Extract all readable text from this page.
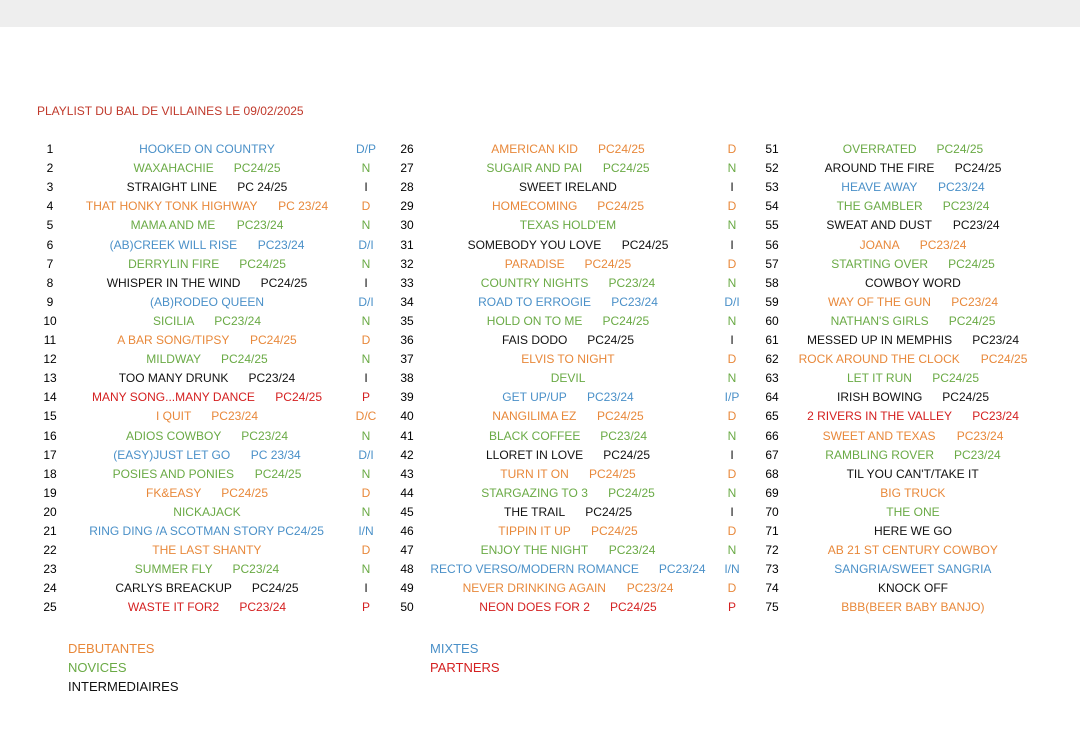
PLAYLIST DU BAL DE VILLAINES LE 09/02/2025
1	HOOKED ON COUNTRY	D/P
2	WAXAHACHIE PC24/25	N
3	STRAIGHT LINE PC 24/25	I
4	THAT HONKY TONK HIGHWAY PC 23/24	D
5	MAMA AND ME PC23/24	N
6	(AB)CREEK WILL RISE PC23/24	D/I
7	DERRYLIN FIRE PC24/25	N
8	WHISPER IN THE WIND PC24/25	I
9	(AB)RODEO QUEEN	D/I
10	SICILIA PC23/24	N
11	A BAR SONG/TIPSY PC24/25	D
12	MILDWAY PC24/25	N
13	TOO MANY DRUNK PC23/24	I
14	MANY SONG...MANY DANCE PC24/25	P
15	I QUIT PC23/24	D/C
16	ADIOS COWBOY PC23/24	N
17	(EASY)JUST LET GO PC 23/34	D/I
18	POSIES AND PONIES PC24/25	N
19	FK&EASY PC24/25	D
20	NICKAJACK	N
21	RING DING /A SCOTMAN STORY PC24/25	I/N
22	THE LAST SHANTY	D
23	SUMMER FLY PC23/24	N
24	CARLYS BREACKUP PC24/25	I
25	WASTE IT FOR2 PC23/24	P
26	AMERICAN KID PC24/25	D
27	SUGAIR AND PAI PC24/25	N
28	SWEET IRELAND	I
29	HOMECOMING PC24/25	D
30	TEXAS HOLD'EM	N
31	SOMEBODY YOU LOVE PC24/25	I
32	PARADISE PC24/25	D
33	COUNTRY NIGHTS PC23/24	N
34	ROAD TO ERROGIE PC23/24	D/I
35	HOLD ON TO ME PC24/25	N
36	FAIS DODO PC24/25	I
37	ELVIS TO NIGHT	D
38	DEVIL	N
39	GET UP/UP PC23/24	I/P
40	NANGILIMA EZ PC24/25	D
41	BLACK COFFEE PC23/24	N
42	LLORET IN LOVE PC24/25	I
43	TURN IT ON PC24/25	D
44	STARGAZING TO 3 PC24/25	N
45	THE TRAIL PC24/25	I
46	TIPPIN IT UP PC24/25	D
47	ENJOY THE NIGHT PC23/24	N
48	RECTO VERSO/MODERN ROMANCE PC23/24	I/N
49	NEVER DRINKING AGAIN PC23/24	D
50	NEON DOES FOR 2 PC24/25	P
51	OVERRATED PC24/25
52	AROUND THE FIRE PC24/25
53	HEAVE AWAY PC23/24
54	THE GAMBLER PC23/24
55	SWEAT AND DUST PC23/24
56	JOANA PC23/24
57	STARTING OVER PC24/25
58	COWBOY WORD
59	WAY OF THE GUN PC23/24
60	NATHAN'S GIRLS PC24/25
61	MESSED UP IN MEMPHIS PC23/24
62	ROCK AROUND THE CLOCK PC24/25
63	LET IT RUN PC24/25
64	IRISH BOWING PC24/25
65	2 RIVERS IN THE VALLEY PC23/24
66	SWEET AND TEXAS PC23/24
67	RAMBLING ROVER PC23/24
68	TIL YOU CAN'T/TAKE IT
69	BIG TRUCK
70	THE ONE
71	HERE WE GO
72	AB 21 ST CENTURY COWBOY
73	SANGRIA/SWEET SANGRIA
74	KNOCK OFF
75	BBB(BEER BABY BANJO)
DEBUTANTES
NOVICES
INTERMEDIAIRES
MIXTES
PARTNERS
